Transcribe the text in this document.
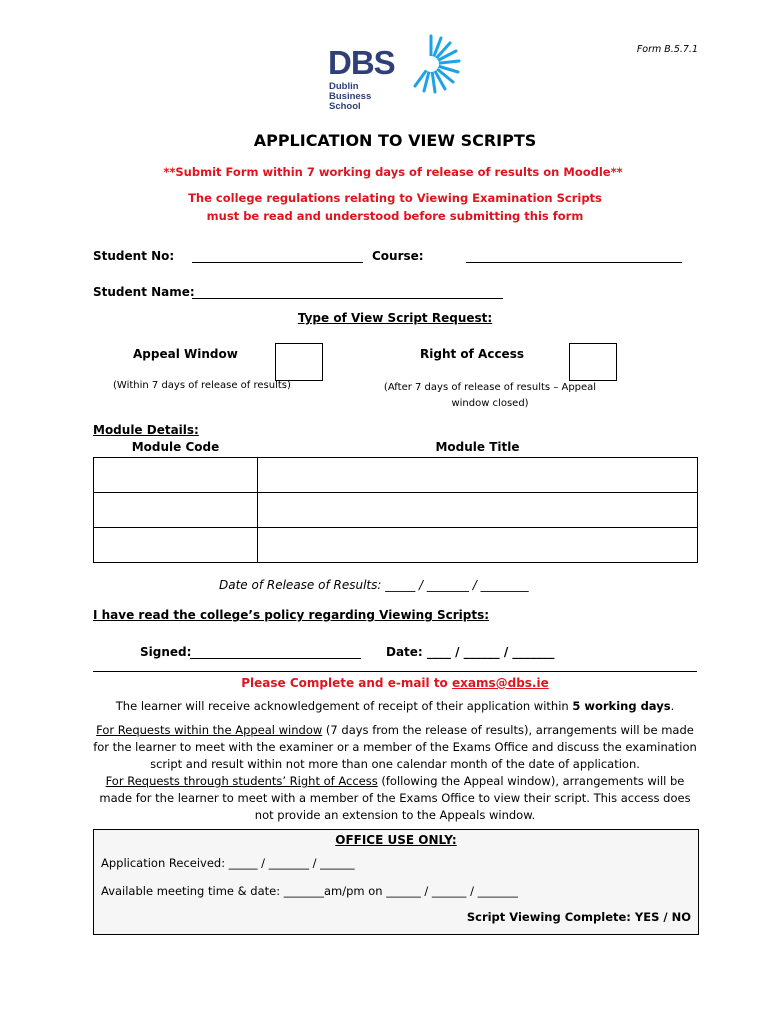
Form B.5.7.1
DBS
Dublin
Business
School
APPLICATION TO VIEW SCRIPTS
**Submit Form within 7 working days of release of results on Moodle**
The college regulations relating to Viewing Examination Scripts
must be read and understood before submitting this form
Student No:	Course:
Student Name:
Type of View Script Request:
Appeal Window
(Within 7 days of release of results)
Right of Access
(After 7 days of release of results – Appeal
window closed)
Module Details:
Module Code	Module Title

Date of Release of Results: _____ / _______ / ________
I have read the college’s policy regarding Viewing Scripts:
Signed:	Date: ____ / ______ / _______
Please Complete and e-mail to exams@dbs.ie
The learner will receive acknowledgement of receipt of their application within 5 working days.
For Requests within the Appeal window (7 days from the release of results), arrangements will be made
for the learner to meet with the examiner or a member of the Exams Office and discuss the examination
script and result within not more than one calendar month of the date of application.
For Requests through students’ Right of Access (following the Appeal window), arrangements will be
made for the learner to meet with a member of the Exams Office to view their script. This access does
not provide an extension to the Appeals window.
OFFICE USE ONLY:
Application Received: _____ / _______ / ______
Available meeting time & date: _______am/pm on ______ / ______ / _______
Script Viewing Complete: YES / NO
